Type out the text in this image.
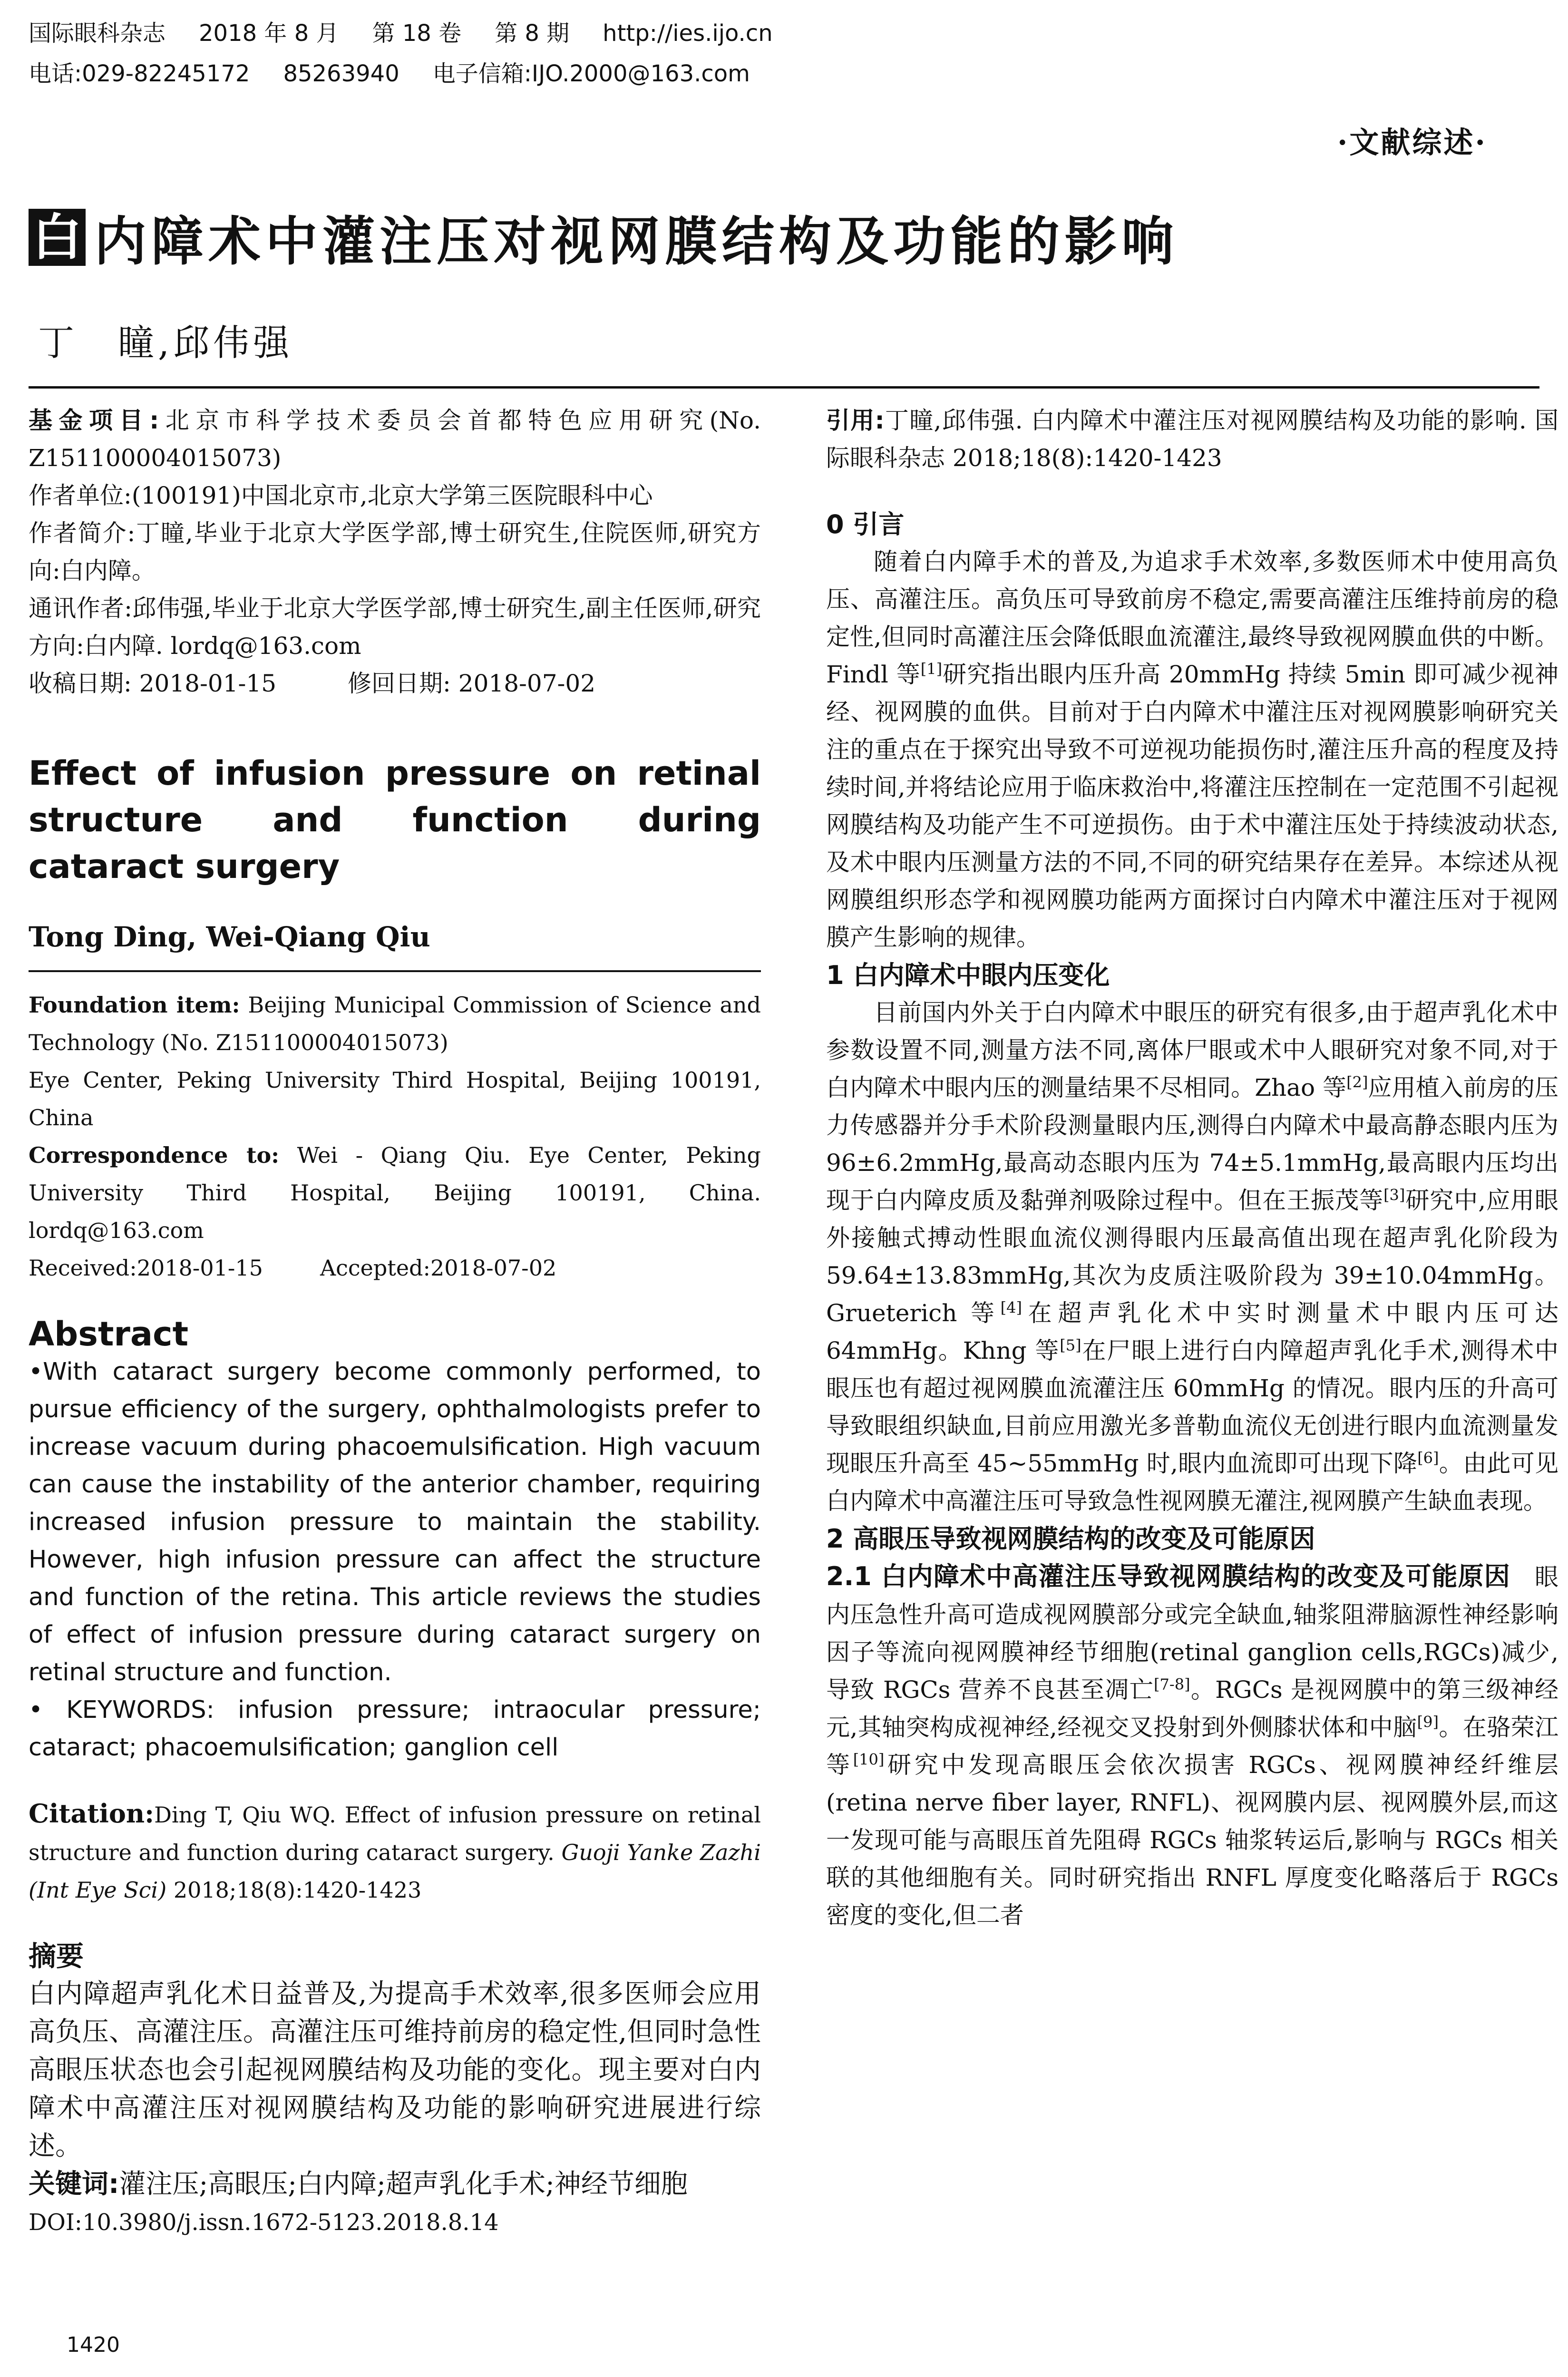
国际眼科杂志 2018 年 8 月 第 18 卷 第 8 期 http://ies.ijo.cn
电话:029-82245172 85263940 电子信箱:IJO.2000@163.com
·文献综述·
白 内障术中灌注压对视网膜结构及功能的影响
丁　瞳,邱伟强

基金项目:北京市科学技术委员会首都特色应用研究(No. Z151100004015073)

作者单位:(100191)中国北京市,北京大学第三医院眼科中心

作者简介:丁瞳,毕业于北京大学医学部,博士研究生,住院医师,研究方向:白内障。

通讯作者:邱伟强,毕业于北京大学医学部,博士研究生,副主任医师,研究方向:白内障. lordq@163.com

收稿日期: 2018-01-15	修回日期: 2018-07-02

Effect of infusion pressure on retinal

structure and function during

cataract surgery

Tong Ding, Wei-Qiang Qiu

Foundation item: Beijing Municipal Commission of Science and Technology (No. Z151100004015073)

Eye Center, Peking University Third Hospital, Beijing 100191, China

Correspondence to: Wei - Qiang Qiu. Eye Center, Peking University Third Hospital, Beijing 100191, China. lordq@163.com

Received:2018-01-15	Accepted:2018-07-02

Abstract

•With cataract surgery become commonly performed, to pursue efficiency of the surgery, ophthalmologists prefer to increase vacuum during phacoemulsification. High vacuum can cause the instability of the anterior chamber, requiring increased infusion pressure to maintain the stability. However, high infusion pressure can affect the structure and function of the retina. This article reviews the studies of effect of infusion pressure during cataract surgery on retinal structure and function.

• KEYWORDS: infusion pressure; intraocular pressure; cataract; phacoemulsification; ganglion cell

Citation:Ding T, Qiu WQ. Effect of infusion pressure on retinal structure and function during cataract surgery. Guoji Yanke Zazhi (Int Eye Sci) 2018;18(8):1420-1423

摘要

白内障超声乳化术日益普及,为提高手术效率,很多医师会应用高负压、高灌注压。高灌注压可维持前房的稳定性,但同时急性高眼压状态也会引起视网膜结构及功能的变化。现主要对白内障术中高灌注压对视网膜结构及功能的影响研究进展进行综述。

关键词:灌注压;高眼压;白内障;超声乳化手术;神经节细胞

DOI:10.3980/j.issn.1672-5123.2018.8.14

引用:丁瞳,邱伟强. 白内障术中灌注压对视网膜结构及功能的影响. 国际眼科杂志 2018;18(8):1420-1423

0 引言

随着白内障手术的普及,为追求手术效率,多数医师术中使用高负压、高灌注压。高负压可导致前房不稳定,需要高灌注压维持前房的稳定性,但同时高灌注压会降低眼血流灌注,最终导致视网膜血供的中断。Findl 等[1]研究指出眼内压升高 20mmHg 持续 5min 即可减少视神经、视网膜的血供。目前对于白内障术中灌注压对视网膜影响研究关注的重点在于探究出导致不可逆视功能损伤时,灌注压升高的程度及持续时间,并将结论应用于临床救治中,将灌注压控制在一定范围不引起视网膜结构及功能产生不可逆损伤。由于术中灌注压处于持续波动状态,及术中眼内压测量方法的不同,不同的研究结果存在差异。本综述从视网膜组织形态学和视网膜功能两方面探讨白内障术中灌注压对于视网膜产生影响的规律。

1 白内障术中眼内压变化

目前国内外关于白内障术中眼压的研究有很多,由于超声乳化术中参数设置不同,测量方法不同,离体尸眼或术中人眼研究对象不同,对于白内障术中眼内压的测量结果不尽相同。Zhao 等[2]应用植入前房的压力传感器并分手术阶段测量眼内压,测得白内障术中最高静态眼内压为 96±6.2mmHg,最高动态眼内压为 74±5.1mmHg,最高眼内压均出现于白内障皮质及黏弹剂吸除过程中。但在王振茂等[3]研究中,应用眼外接触式搏动性眼血流仪测得眼内压最高值出现在超声乳化阶段为 59.64±13.83mmHg,其次为皮质注吸阶段为 39±10.04mmHg。Grueterich 等[4]在超声乳化术中实时测量术中眼内压可达 64mmHg。Khng 等[5]在尸眼上进行白内障超声乳化手术,测得术中眼压也有超过视网膜血流灌注压 60mmHg 的情况。眼内压的升高可导致眼组织缺血,目前应用激光多普勒血流仪无创进行眼内血流测量发现眼压升高至 45~55mmHg 时,眼内血流即可出现下降[6]。由此可见白内障术中高灌注压可导致急性视网膜无灌注,视网膜产生缺血表现。

2 高眼压导致视网膜结构的改变及可能原因

2.1 白内障术中高灌注压导致视网膜结构的改变及可能原因　 眼内压急性升高可造成视网膜部分或完全缺血,轴浆阻滞脑源性神经影响因子等流向视网膜神经节细胞(retinal ganglion cells,RGCs)减少,导致 RGCs 营养不良甚至凋亡[7-8]。RGCs 是视网膜中的第三级神经元,其轴突构成视神经,经视交叉投射到外侧膝状体和中脑[9]。在骆荣江等[10]研究中发现高眼压会依次损害 RGCs、视网膜神经纤维层(retina nerve fiber layer, RNFL)、视网膜内层、视网膜外层,而这一发现可能与高眼压首先阻碍 RGCs 轴浆转运后,影响与 RGCs 相关联的其他细胞有关。同时研究指出 RNFL 厚度变化略落后于 RGCs 密度的变化,但二者

1420
